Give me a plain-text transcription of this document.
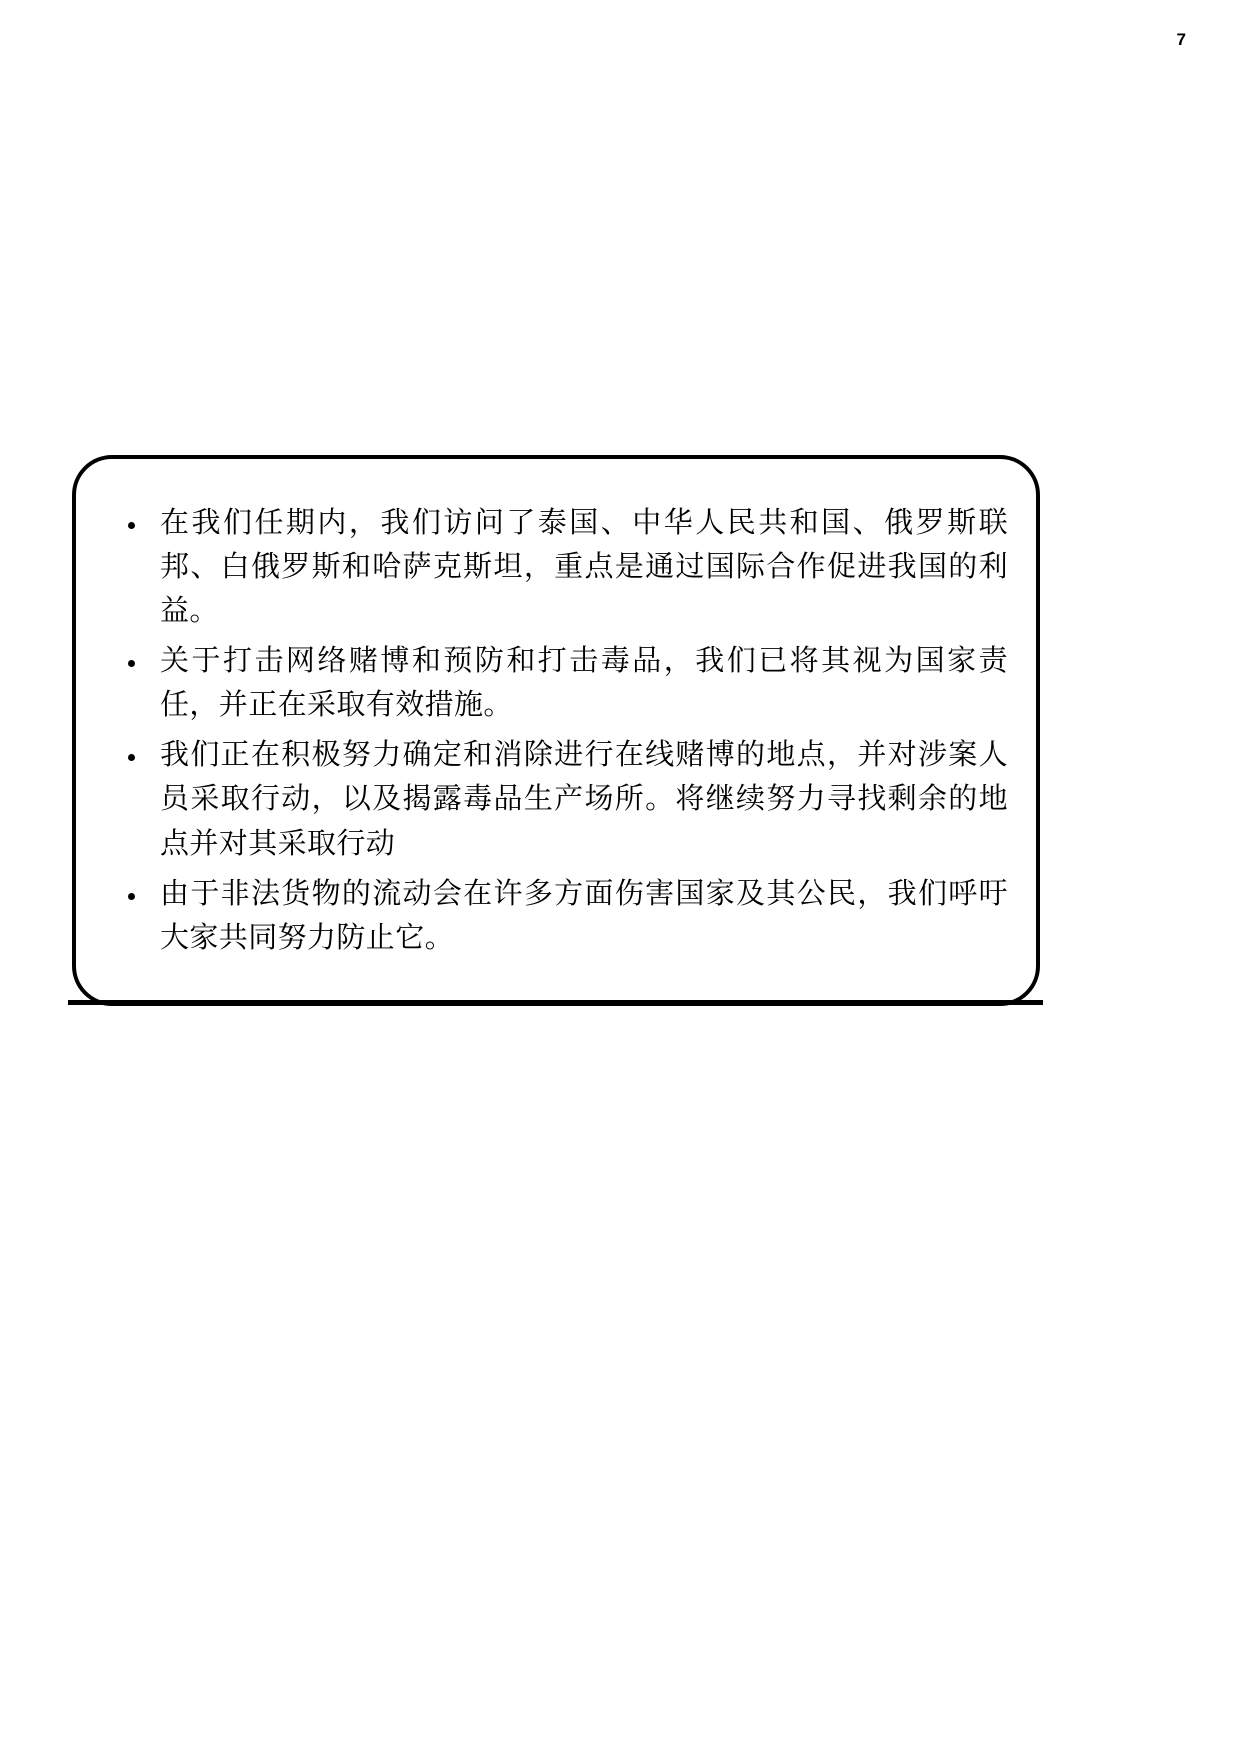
7
在我们任期内，我们访问了泰国、中华人民共和国、俄罗斯联邦、白俄罗斯和哈萨克斯坦，重点是通过国际合作促进我国的利益。
关于打击网络赌博和预防和打击毒品，我们已将其视为国家责任，并正在采取有效措施。
我们正在积极努力确定和消除进行在线赌博的地点，并对涉案人员采取行动，以及揭露毒品生产场所。将继续努力寻找剩余的地点并对其采取行动
由于非法货物的流动会在许多方面伤害国家及其公民，我们呼吁大家共同努力防止它。
